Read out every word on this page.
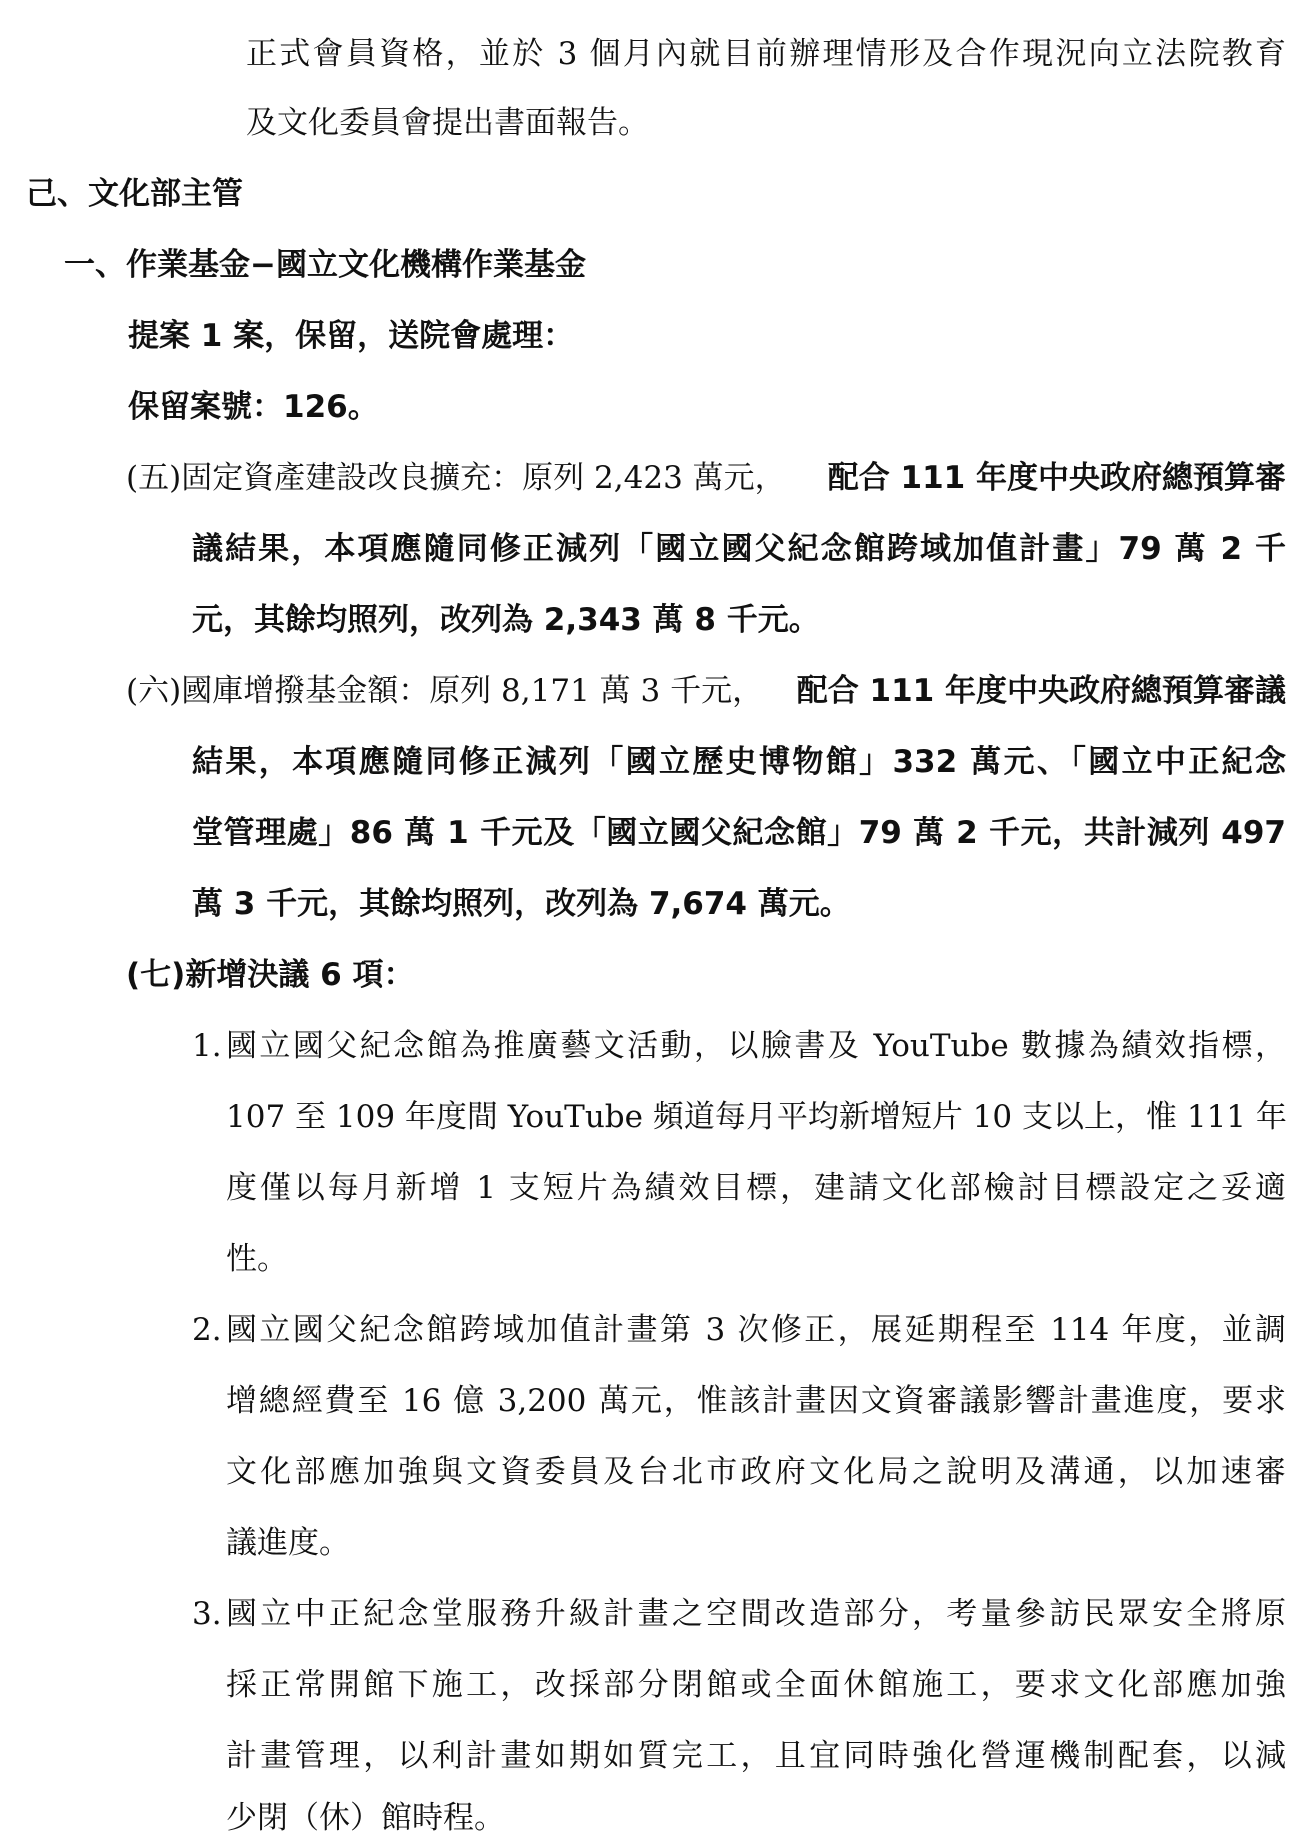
正式會員資格，並於 3 個月內就目前辦理情形及合作現況向立法院教育
及文化委員會提出書面報告。
己、文化部主管
一、作業基金−國立文化機構作業基金
提案 1 案，保留，送院會處理：
保留案號：126。
(五)固定資產建設改良擴充：原列 2,423 萬元， 配合 111 年度中央政府總預算審
議結果，本項應隨同修正減列「國立國父紀念館跨域加值計畫」79 萬 2 千
元，其餘均照列，改列為 2,343 萬 8 千元。
(六)國庫增撥基金額：原列 8,171 萬 3 千元， 配合 111 年度中央政府總預算審議
結果，本項應隨同修正減列「國立歷史博物館」332 萬元、「國立中正紀念
堂管理處」86 萬 1 千元及「國立國父紀念館」79 萬 2 千元，共計減列 497
萬 3 千元，其餘均照列，改列為 7,674 萬元。
(七)新增決議 6 項：
1. 國立國父紀念館為推廣藝文活動，以臉書及 YouTube 數據為績效指標，
107 至 109 年度間 YouTube 頻道每月平均新增短片 10 支以上，惟 111 年
度僅以每月新增 1 支短片為績效目標，建請文化部檢討目標設定之妥適
性。
2. 國立國父紀念館跨域加值計畫第 3 次修正，展延期程至 114 年度，並調
增總經費至 16 億 3,200 萬元，惟該計畫因文資審議影響計畫進度，要求
文化部應加強與文資委員及台北市政府文化局之說明及溝通，以加速審
議進度。
3. 國立中正紀念堂服務升級計畫之空間改造部分，考量參訪民眾安全將原
採正常開館下施工，改採部分閉館或全面休館施工，要求文化部應加強
計畫管理，以利計畫如期如質完工，且宜同時強化營運機制配套，以減
少閉（休）館時程。
